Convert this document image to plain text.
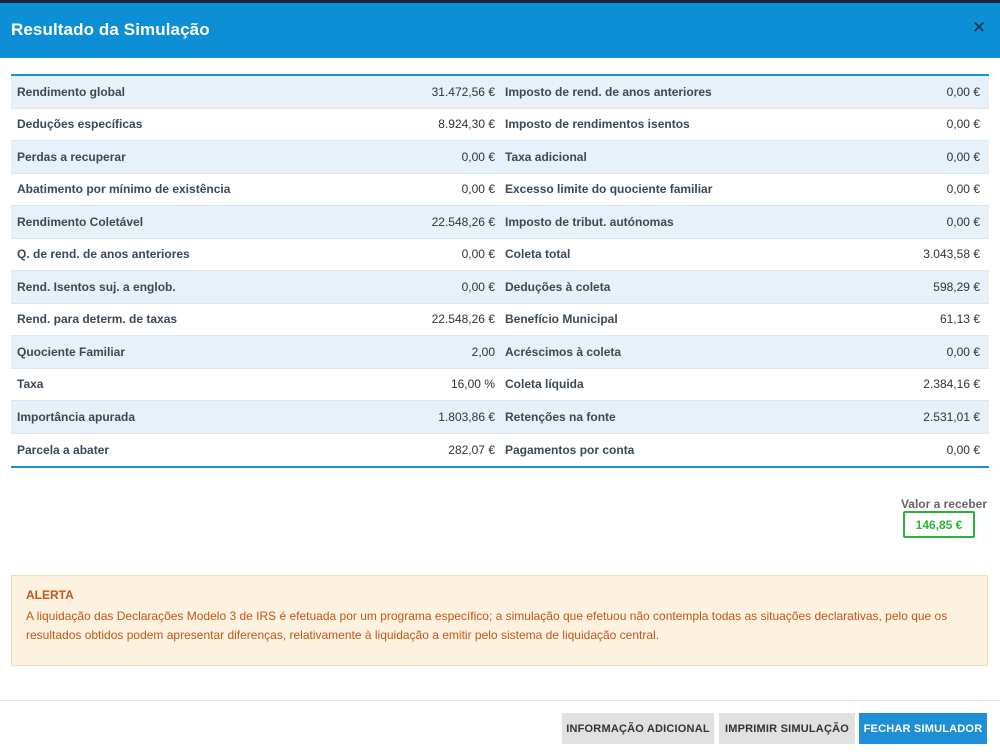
Resultado da Simulação	✕
Rendimento global	31.472,56 € Imposto de rend. de anos anteriores	0,00 €
Deduções específicas	8.924,30 € Imposto de rendimentos isentos	0,00 €
Perdas a recuperar	0,00 € Taxa adicional	0,00 €
Abatimento por mínimo de existência	0,00 € Excesso limite do quociente familiar	0,00 €
Rendimento Coletável	22.548,26 € Imposto de tribut. autónomas	0,00 €
Q. de rend. de anos anteriores	0,00 € Coleta total	3.043,58 €
Rend. Isentos suj. a englob.	0,00 € Deduções à coleta	598,29 €
Rend. para determ. de taxas	22.548,26 € Benefício Municipal	61,13 €
Quociente Familiar	2,00 Acréscimos à coleta	0,00 €
Taxa	16,00 % Coleta líquida	2.384,16 €
Importância apurada	1.803,86 € Retenções na fonte	2.531,01 €
Parcela a abater	282,07 € Pagamentos por conta	0,00 €
Valor a receber
146,85 €
ALERTA
A liquidação das Declarações Modelo 3 de IRS é efetuada por um programa específico; a simulação que efetuou não contempla todas as situações declarativas, pelo que os resultados obtidos podem apresentar diferenças, relativamente à liquidação a emitir pelo sistema de liquidação central.
INFORMAÇÃO ADICIONAL	IMPRIMIR SIMULAÇÃO	FECHAR SIMULADOR
